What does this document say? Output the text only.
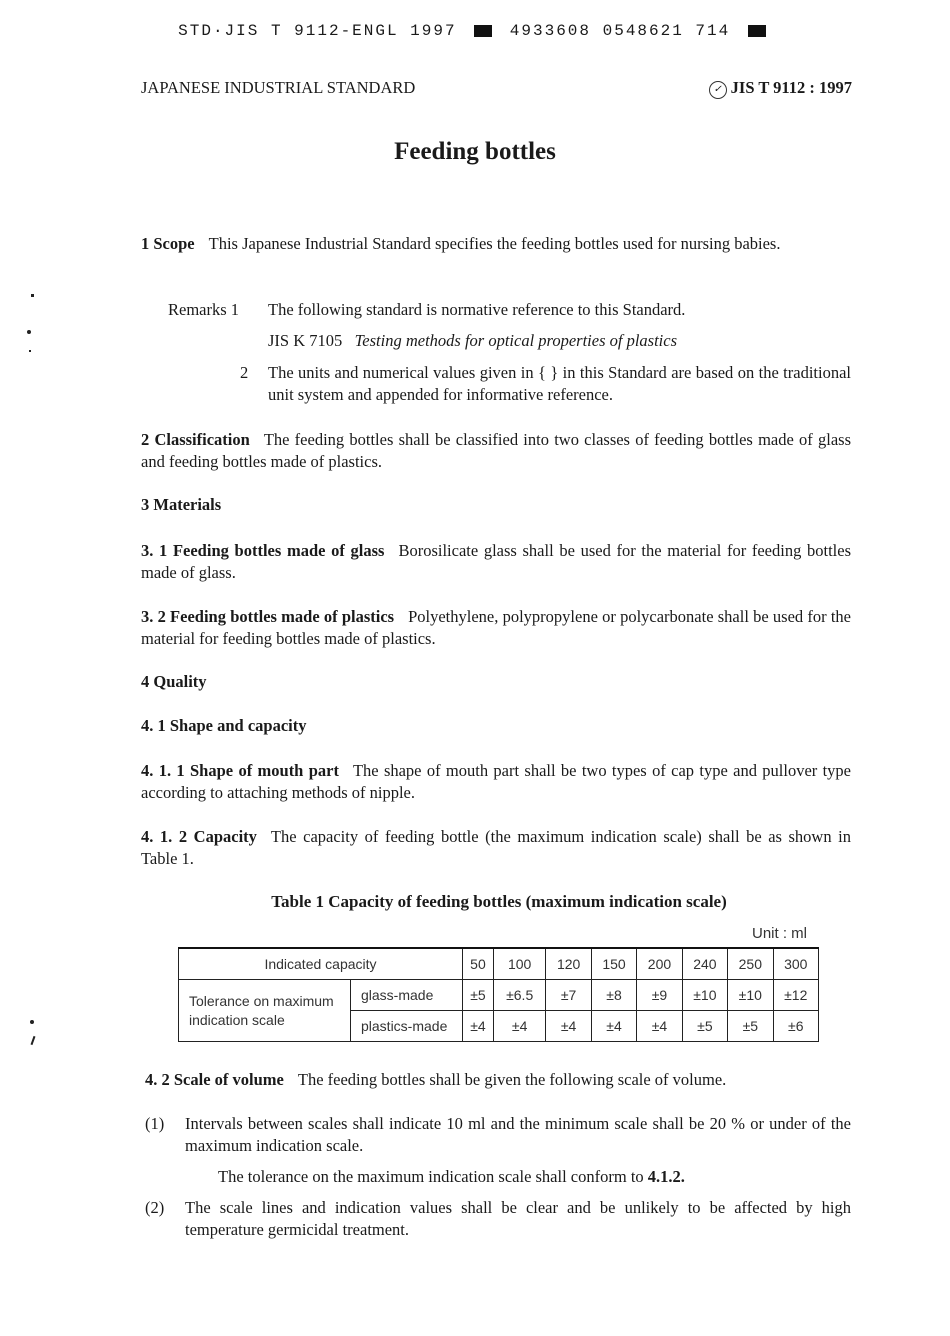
STD·JIS T 9112-ENGL 1997	4933608 0548621 714
JAPANESE INDUSTRIAL STANDARD	✓ JIS T 9112 : 1997
Feeding bottles
1 Scope This Japanese Industrial Standard specifies the feeding bottles used for nursing babies.
Remarks 1 The following standard is normative reference to this Standard.
JIS K 7105 Testing methods for optical properties of plastics
2 The units and numerical values given in { } in this Standard are based on the traditional unit system and appended for informative reference.
2 Classification The feeding bottles shall be classified into two classes of feeding bottles made of glass and feeding bottles made of plastics.
3 Materials
3. 1 Feeding bottles made of glass Borosilicate glass shall be used for the material for feeding bottles made of glass.
3. 2 Feeding bottles made of plastics Polyethylene, polypropylene or polycarbonate shall be used for the material for feeding bottles made of plastics.
4 Quality
4. 1 Shape and capacity
4. 1. 1 Shape of mouth part The shape of mouth part shall be two types of cap type and pullover type according to attaching methods of nipple.
4. 1. 2 Capacity The capacity of feeding bottle (the maximum indication scale) shall be as shown in Table 1.
Table 1 Capacity of feeding bottles (maximum indication scale)
Unit : ml
Indicated capacity		50	100	120	150	200	240	250	300
Tolerance on maximum indication scale	glass-made	±5	±6.5	±7	±8	±9	±10	±10	±12
	plastics-made	±4	±4	±4	±4	±4	±5	±5	±6
4. 2 Scale of volume The feeding bottles shall be given the following scale of volume.
(1) Intervals between scales shall indicate 10 ml and the minimum scale shall be 20 % or under of the maximum indication scale.
The tolerance on the maximum indication scale shall conform to 4.1.2.
(2) The scale lines and indication values shall be clear and be unlikely to be affected by high temperature germicidal treatment.
